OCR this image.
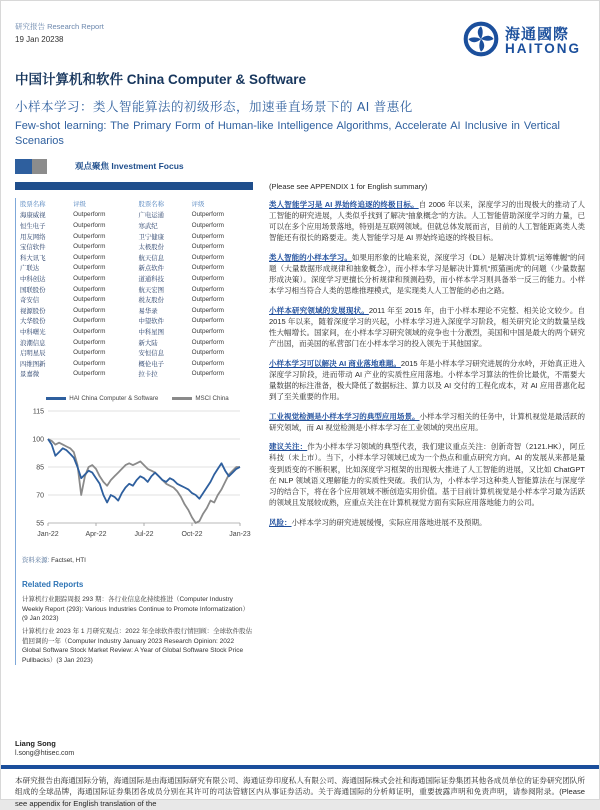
研究报告 Research Report
19 Jan 20238	海通國際
HAITONG
中国计算机和软件 China Computer & Software
小样本学习：类人智能算法的初级形态，加速垂直场景下的 AI 普惠化
Few-shot learning: The Primary Form of Human-like Intelligence Algorithms, Accelerate AI Inclusive in Vertical Scenarios
观点聚焦 Investment Focus
股票名称	评级	股票名称	评级
海康威视	Outperform	广电运通	Outperform
恒生电子	Outperform	寒武纪	Outperform
用友网络	Outperform	卫宁健康	Outperform
宝信软件	Outperform	太极股份	Outperform
科大讯飞	Outperform	航天信息	Outperform
广联达	Outperform	新点软件	Outperform
中科创达	Outperform	道通科技	Outperform
国联股份	Outperform	航天宏图	Outperform
奇安信	Outperform	税友股份	Outperform
视源股份	Outperform	易华录	Outperform
大华股份	Outperform	中望软件	Outperform
中科曙光	Outperform	中科星图	Outperform
浪潮信息	Outperform	新大陆	Outperform
启明星辰	Outperform	安恒信息	Outperform
四维图新	Outperform	概伦电子	Outperform
景嘉微	Outperform	拉卡拉	Outperform
HAI China Computer & Software	MSCI China
55
70
85
100
115
Jan-22	Apr-22	Jul-22	Oct-22	Jan-23
资料来源: Factset, HTI
Related Reports
计算机行业跟踪周报 293 期：各行业信息化持续推进（Computer Industry Weekly Report (293): Various Industries Continue to Promote Informatization）(9 Jan 2023)
计算机行业 2023 年 1 月研究观点：2022 年全球软件股行情回顾：全球软件股估值回调的一年（Computer Industry January 2023 Research Opinion: 2022 Global Software Stock Market Review: A Year of Global Software Stock Price Pullbacks）(3 Jan 2023)
(Please see APPENDIX 1 for English summary)

类人智能学习是 AI 界始终追逐的终极目标。自 2006 年以来，深度学习的出现极大的推动了人工智能的研究进展，人类似乎找到了解决“抽象概念”的方法。人工智能借助深度学习的力量，已可以在多个应用场景落地，特别是互联网领域。但就总体发展而言，目前的人工智能距离类人类智能还有很长的路要走。类人智能学习是 AI 界始终追逐的终极目标。

类人智能的小样本学习。如果用形象的比喻来说，深度学习（DL）是解决计算机“运筹帷幄”的问题（大量数据形成规律和抽象概念），而小样本学习是解决计算机“照猫画虎”的问题（少量数据形成决策）。深度学习更擅长分析规律和预测趋势，而小样本学习则具备举一反三的能力。小样本学习相当符合人类的思维推理模式，是实现类人人工智能的必由之路。

小样本研究领域的发展现状。2011 年至 2015 年，由于小样本理论不完整、相关论文较少。自 2015 年以来，随着深度学习的兴起，小样本学习进入深度学习阶段，相关研究论文的数量呈线性大幅增长。国家间，在小样本学习研究领域的竞争也十分激烈，美国和中国是最大的两个研究产出国，而美国的私营部门在小样本学习的投入领先于其他国家。

小样本学习可以解决 AI 商业落地难题。2015 年是小样本学习研究进展的分水岭，开始真正进入深度学习阶段，进而带动 AI 产业的实质性应用落地。小样本学习算法的性价比最优，不需要大量数据的标注准备，极大降低了数据标注、算力以及 AI 交付的工程化成本，对 AI 应用普惠化起到了至关重要的作用。

工业视觉检测是小样本学习的典型应用场景。小样本学习相关的任务中，计算机视觉是最活跃的研究领域，而 AI 视觉检测是小样本学习在工业领域的突出应用。

建议关注：作为小样本学习领域的典型代表，我们建议重点关注：创新奇智（2121.HK），阿丘科技（未上市）。当下，小样本学习领域已成为一个热点和重点研究方向。AI 的发展从来都是量变到质变的不断积累，比如深度学习框架的出现极大推进了人工智能的进展，又比如 ChatGPT 在 NLP 领域语义理解能力的实质性突破。我们认为，小样本学习这种类人智能算法在与深度学习的结合下，将在各个应用领域不断创造实用价值。基于目前计算机视觉是小样本学习最为活跃的领域且发展较成熟，应重点关注在计算机视觉方面有实际应用落地能力的公司。

风险：小样本学习的研究进展缓慢，实际应用落地进展不及预期。

Liang Song
l.song@htisec.com
本研究报告由海通国际分销，海通国际是由海通国际研究有限公司、海通证券印度私人有限公司、海通国际株式会社和海通国际证券集团其他各成员单位的证券研究团队所组成的全球品牌，海通国际证券集团各成员分别在其许可的司法管辖区内从事证券活动。关于海通国际的分析师证明，重要披露声明和免责声明，请参阅附录。(Please see appendix for English translation of the
